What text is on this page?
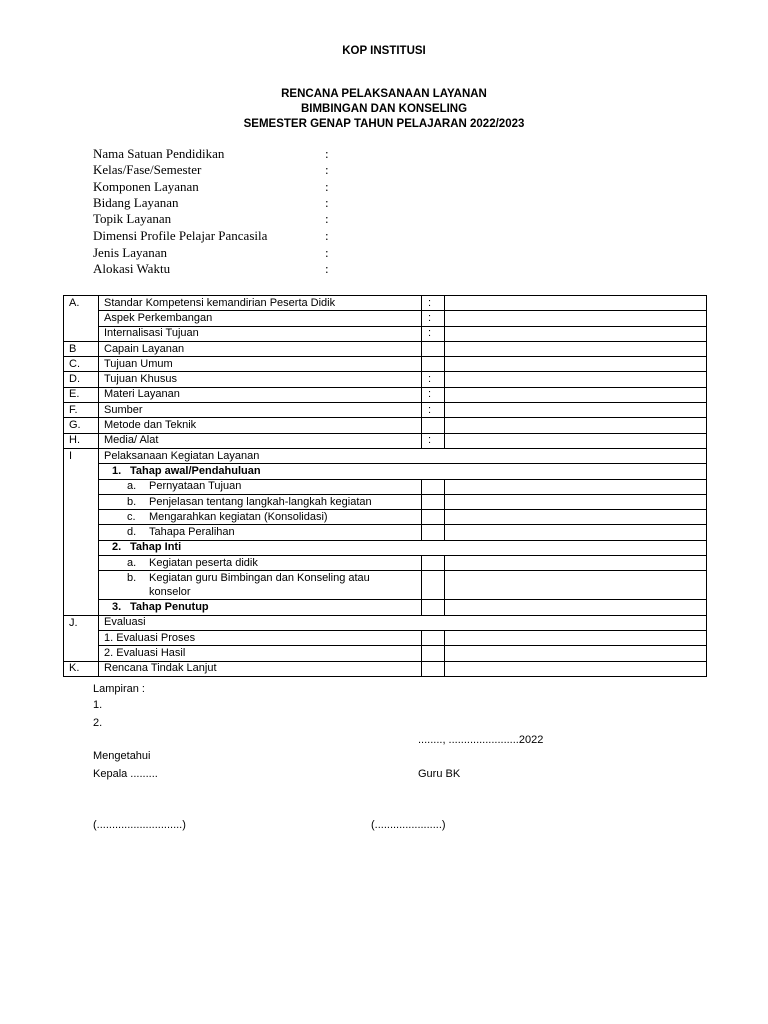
KOP INSTITUSI
RENCANA PELAKSANAAN LAYANAN
BIMBINGAN DAN KONSELING
SEMESTER GENAP TAHUN PELAJARAN 2022/2023
Nama Satuan Pendidikan	:
Kelas/Fase/Semester	:
Komponen Layanan	:
Bidang Layanan	:
Topik Layanan	:
Dimensi Profile Pelajar Pancasila	:
Jenis Layanan	:
Alokasi Waktu	:
A.	Standar Kompetensi kemandirian Peserta Didik	:	
	Aspek Perkembangan	:	
	Internalisasi Tujuan	:	
B	Capain Layanan		
C.	Tujuan Umum		
D.	Tujuan Khusus	:	
E.	Materi Layanan	:	
F.	Sumber	:	
G.	Metode dan Teknik		
H.	Media/ Alat	:	
I	Pelaksanaan Kegiatan Layanan		
	1. Tahap awal/Pendahuluan		
	a. Pernyataan Tujuan		
	b. Penjelasan tentang langkah-langkah kegiatan		
	c. Mengarahkan kegiatan (Konsolidasi)		
	d. Tahapa Peralihan		
	2. Tahap Inti		
	a. Kegiatan peserta didik		

	b. Kegiatan guru Bimbingan dan Konseling atau
konselor		

	3. Tahap Penutup		
J.	Evaluasi		
	1. Evaluasi Proses		
	2. Evaluasi Hasil		
K.	Rencana Tindak Lanjut		
Lampiran :
1.
2.
........, .......................2022
Mengetahui
Kepala .........	Guru BK
(............................)	(......................)
